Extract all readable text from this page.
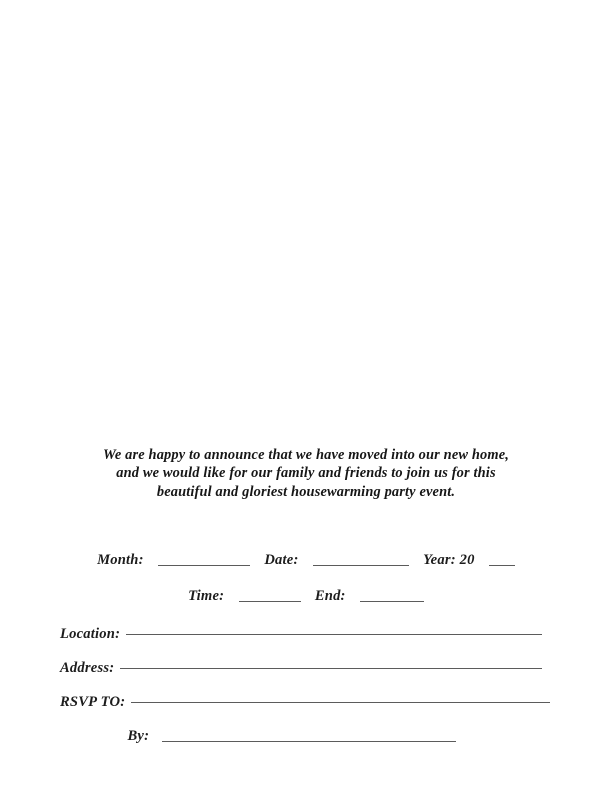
We are happy to announce that we have moved into our new home,
and we would like for our family and friends to join us for this
beautiful and gloriest housewarming party event.
Month:	Date:	Year: 20
Time:	End:
Location:
Address:
RSVP TO:
By:
